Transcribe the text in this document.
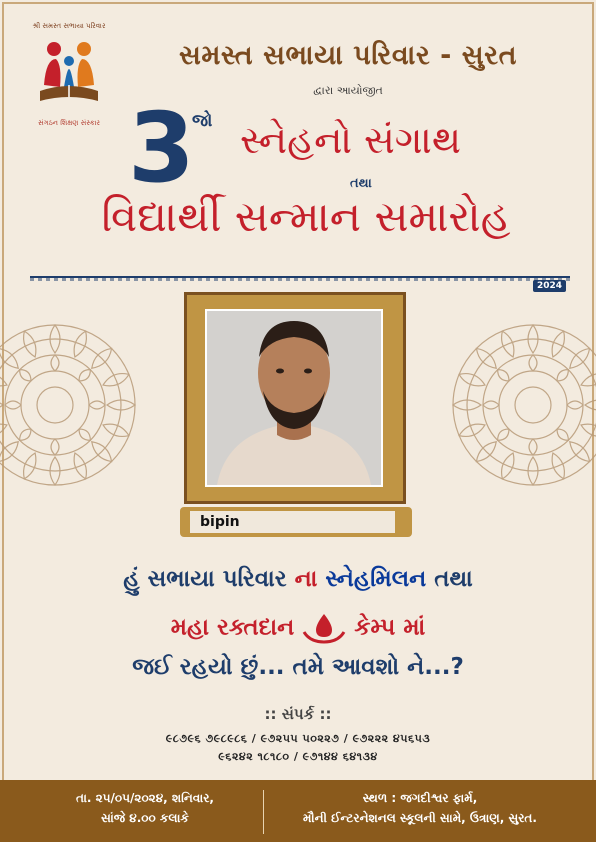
શ્રી સમસ્ત સભાયા પરિવાર
સંગઠન શિક્ષણ સંસ્કાર
સમસ્ત સભાયા પરિવાર - સુરત
દ્વારા આયોજીત
3
જો સ્નેહનો સંગાથ
તથા
વિદ્યાર્થી સન્માન સમારોહ
2024
bipin
હું સભાયા પરિવાર ના સ્નેહમિલન તથા
મહા રક્તદાન	કેમ્પ માં
જઈ રહયો છું... તમે આવશો ને...?
:: સંપર્ક ::
૯૮૭૯૬ ૭૯૮૯૮૬ / ૯૭૨૫૫ ૫૦૨૨૭ / ૯૭૨૨૨ ૪૫૬૫૩
૯૬૨૪૨ ૧૮૧૮૦ / ૯૭૧૪૪ ૬૪૧૩૪
તા. ૨૫/૦૫/૨૦૨૪, શનિવાર,
સાંજે ૪.૦૦ કલાકે
સ્થળ : જગદીશ્વર ફાર્મ,
મૌની ઈન્ટરનેશનલ સ્કૂલની સામે, ઉત્રાણ, સુરત.
